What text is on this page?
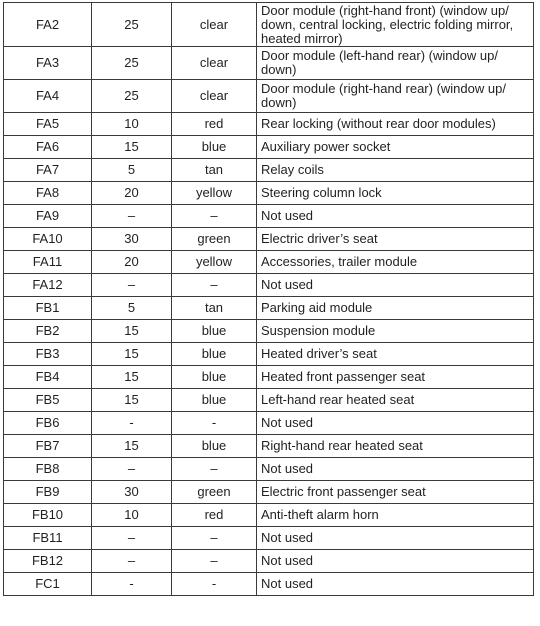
FA2	25	clear	Door module (right-hand front) (window up/ down, central locking, electric folding mirror, heated mirror)
FA3	25	clear	Door module (left-hand rear) (window up/ down)
FA4	25	clear	Door module (right-hand rear) (window up/ down)
FA5	10	red	Rear locking (without rear door modules)
FA6	15	blue	Auxiliary power socket
FA7	5	tan	Relay coils
FA8	20	yellow	Steering column lock
FA9	–	–	Not used
FA10	30	green	Electric driver’s seat
FA11	20	yellow	Accessories, trailer module
FA12	–	–	Not used
FB1	5	tan	Parking aid module
FB2	15	blue	Suspension module
FB3	15	blue	Heated driver’s seat
FB4	15	blue	Heated front passenger seat
FB5	15	blue	Left-hand rear heated seat
FB6	-	-	Not used
FB7	15	blue	Right-hand rear heated seat
FB8	–	–	Not used
FB9	30	green	Electric front passenger seat
FB10	10	red	Anti-theft alarm horn
FB11	–	–	Not used
FB12	–	–	Not used
FC1	-	-	Not used
